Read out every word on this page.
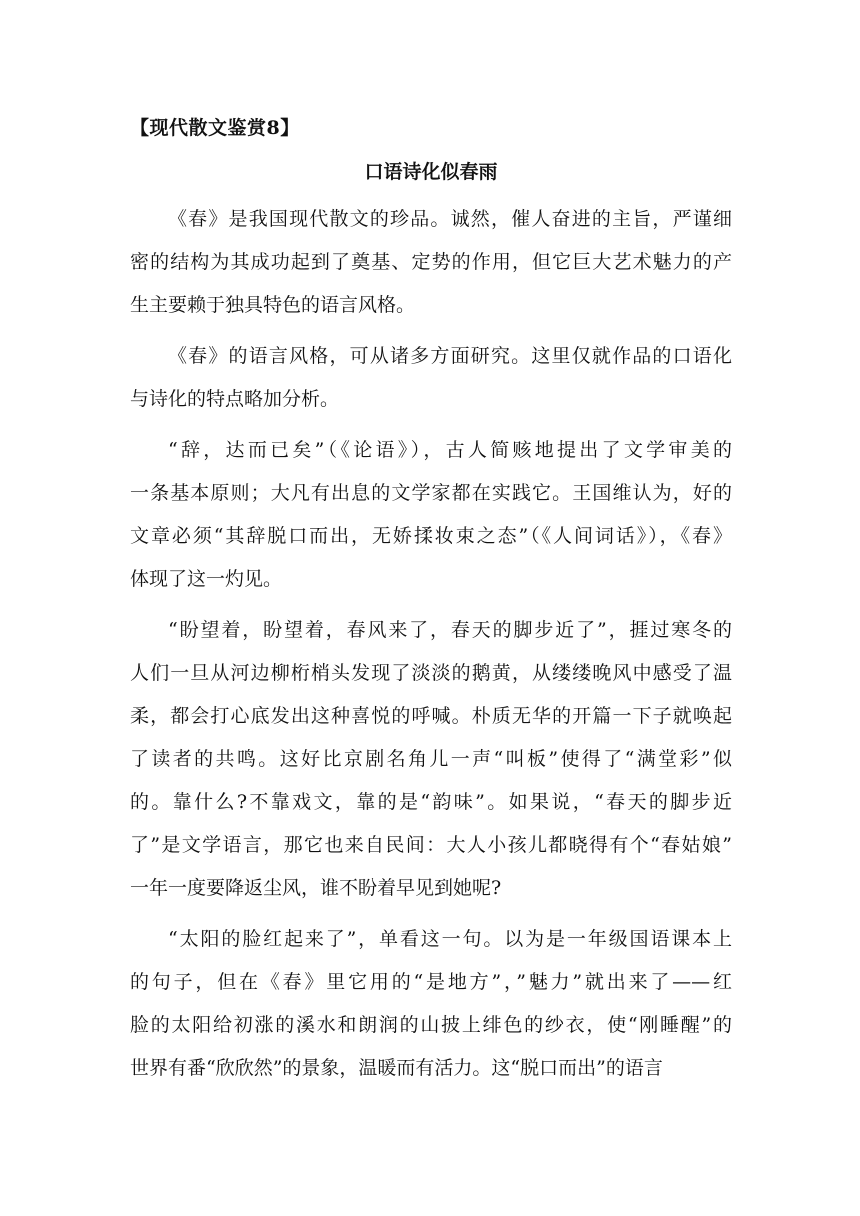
【现代散文鉴赏8】
口语诗化似春雨
《春》是我国现代散文的珍品。诚然，催人奋进的主旨，严谨细
密的结构为其成功起到了奠基、定势的作用，但它巨大艺术魅力的产
生主要赖于独具特色的语言风格。
《春》的语言风格，可从诸多方面研究。这里仅就作品的口语化
与诗化的特点略加分析。
“辞，达而已矣”（《论语》），古人简赅地提出了文学审美的
一条基本原则；大凡有出息的文学家都在实践它。王国维认为，好的
文章必须“其辞脱口而出，无娇揉妆束之态”（《人间词话》），《春》
体现了这一灼见。
“盼望着，盼望着，春风来了，春天的脚步近了”，捱过寒冬的
人们一旦从河边柳桁梢头发现了淡淡的鹅黄，从缕缕晚风中感受了温
柔，都会打心底发出这种喜悦的呼喊。朴质无华的开篇一下子就唤起
了读者的共鸣。这好比京剧名角儿一声“叫板”使得了“满堂彩”似
的。靠什么?不靠戏文，靠的是“韵味”。如果说，“春天的脚步近
了”是文学语言，那它也来自民间：大人小孩儿都晓得有个“春姑娘”
一年一度要降返尘风，谁不盼着早见到她呢?
“太阳的脸红起来了”，单看这一句。以为是一年级国语课本上
的句子，但在《春》里它用的“是地方”，”魅力”就出来了——红
脸的太阳给初涨的溪水和朗润的山披上绯色的纱衣，使“刚睡醒”的
世界有番“欣欣然”的景象，温暖而有活力。这“脱口而出”的语言
